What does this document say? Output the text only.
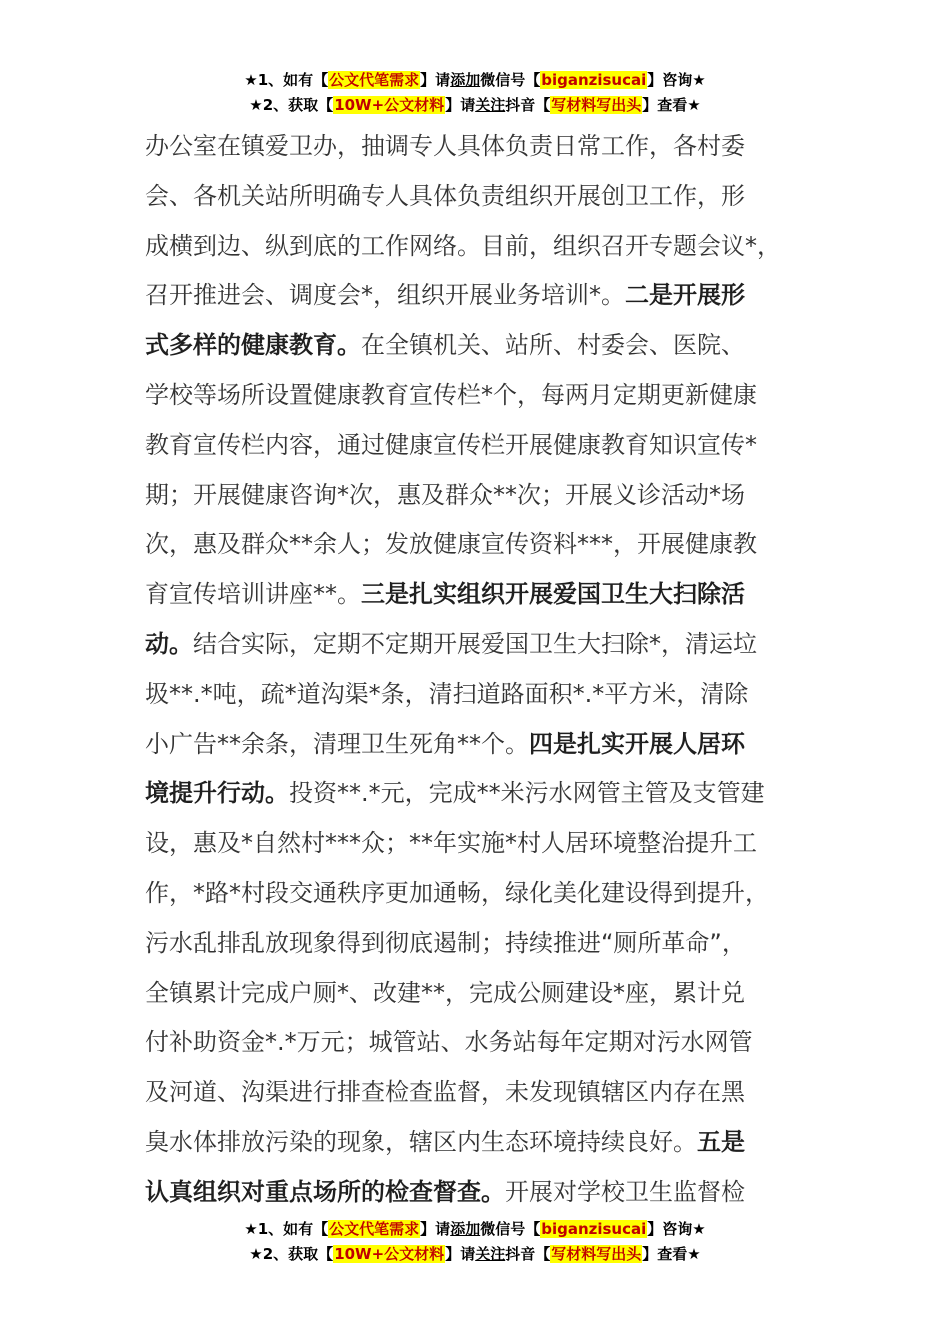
★1、如有【公文代笔需求】请添加微信号【biganzisucai】咨询★
★2、获取【10W+公文材料】请关注抖音【写材料写出头】查看★
办公室在镇爱卫办，抽调专人具体负责日常工作，各村委
会、各机关站所明确专人具体负责组织开展创卫工作，形
成横到边、纵到底的工作网络。目前，组织召开专题会议*，
召开推进会、调度会*，组织开展业务培训*。二是开展形
式多样的健康教育。在全镇机关、站所、村委会、医院、
学校等场所设置健康教育宣传栏*个，每两月定期更新健康
教育宣传栏内容，通过健康宣传栏开展健康教育知识宣传*
期；开展健康咨询*次，惠及群众**次；开展义诊活动*场
次，惠及群众**余人；发放健康宣传资料***，开展健康教
育宣传培训讲座**。三是扎实组织开展爱国卫生大扫除活
动。结合实际，定期不定期开展爱国卫生大扫除*，清运垃
圾**.*吨，疏*道沟渠*条，清扫道路面积*.*平方米，清除
小广告**余条，清理卫生死角**个。四是扎实开展人居环
境提升行动。投资**.*元，完成**米污水网管主管及支管建
设，惠及*自然村***众；**年实施*村人居环境整治提升工
作，*路*村段交通秩序更加通畅，绿化美化建设得到提升，
污水乱排乱放现象得到彻底遏制；持续推进“厕所革命”，
全镇累计完成户厕*、改建**，完成公厕建设*座，累计兑
付补助资金*.*万元；城管站、水务站每年定期对污水网管
及河道、沟渠进行排查检查监督，未发现镇辖区内存在黑
臭水体排放污染的现象，辖区内生态环境持续良好。五是
认真组织对重点场所的检查督查。开展对学校卫生监督检
★1、如有【公文代笔需求】请添加微信号【biganzisucai】咨询★
★2、获取【10W+公文材料】请关注抖音【写材料写出头】查看★
